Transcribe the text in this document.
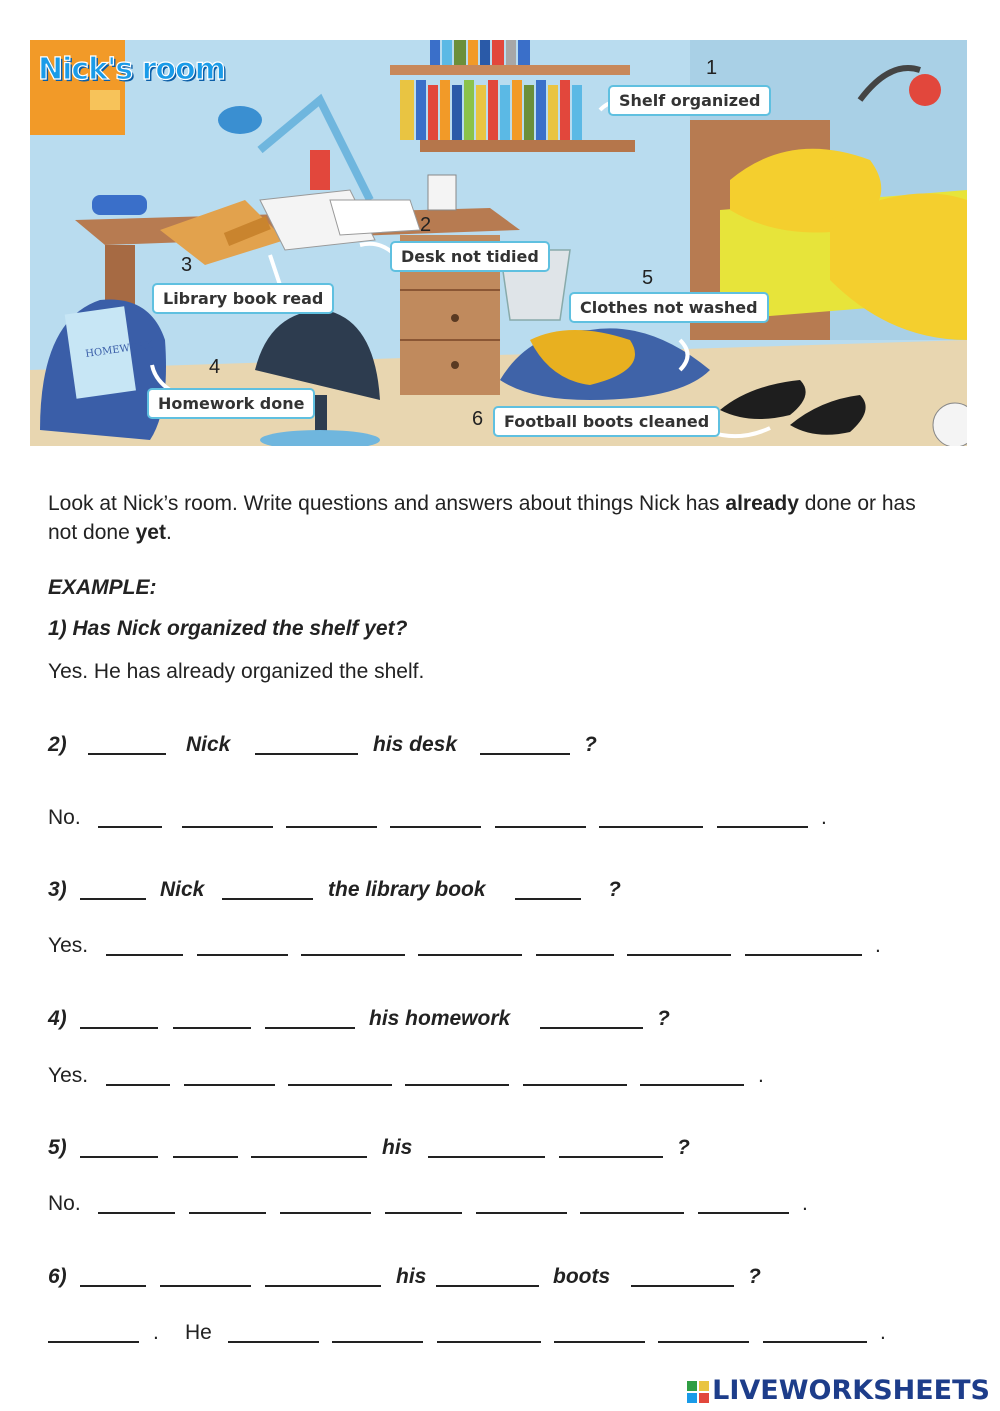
HOMEWORK
Nick's room
Shelf organized
Desk not tidied
Library book read	Clothes not washed
Homework done
Football boots cleaned
1
2
3
4
5
6
Look at Nick’s room. Write questions and answers about things Nick has already done or has not done yet.
EXAMPLE:
1) Has Nick organized the shelf yet?
Yes. He has already organized the shelf.
2)	Nick	his desk	?
No.	.
3)	Nick	the library book	?
Yes.	.
4)	his homework	?
Yes.	.
5)	his	?
No.	.
6)	his	boots	?
. He	.
LIVEWORKSHEETS
